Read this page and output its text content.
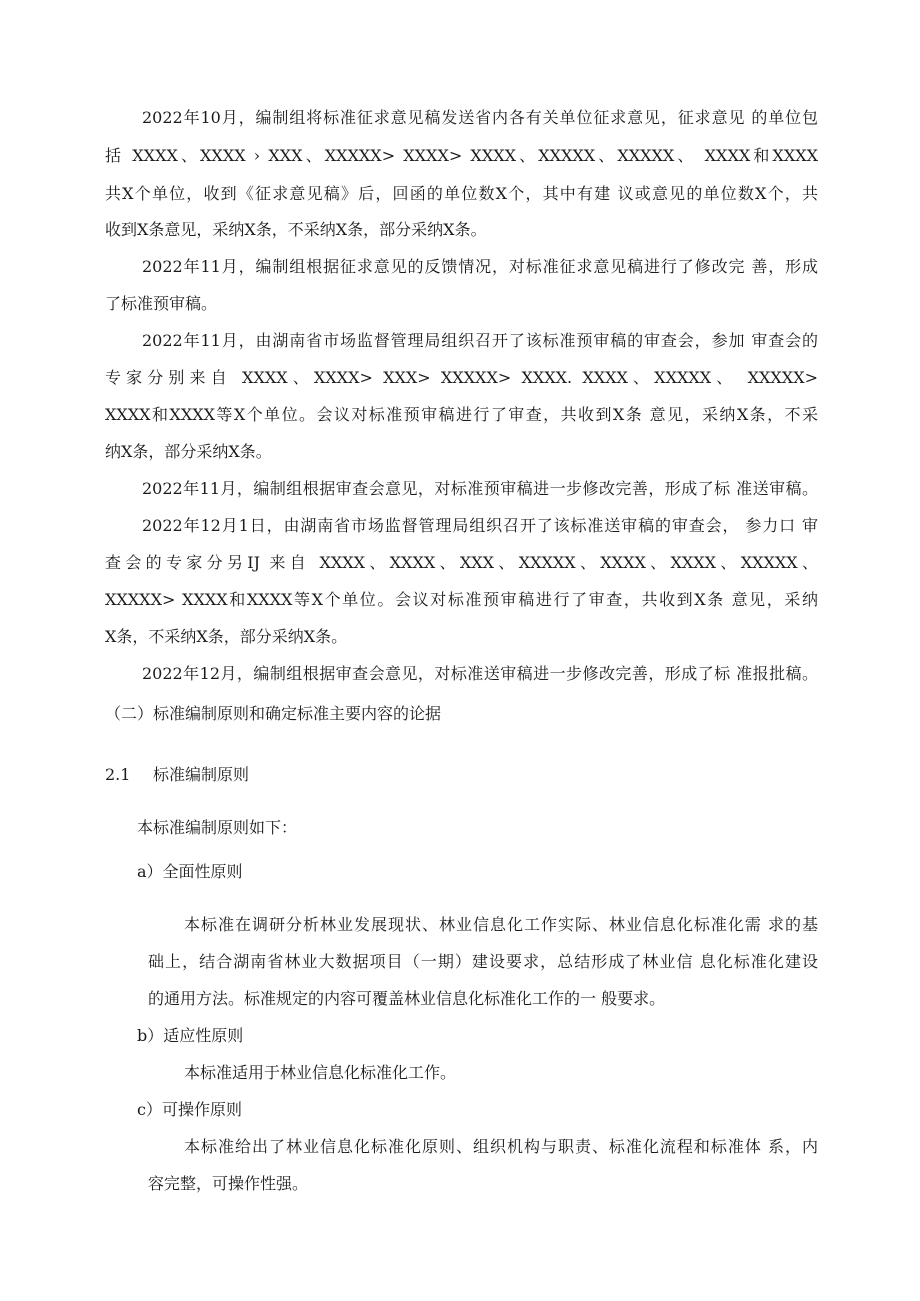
2022年10月，编制组将标准征求意见稿发送省内各有关单位征求意见，征求意见 的单位包

括 XXXX、XXXX › XXX、XXXXX> XXXX> XXXX、XXXXX、XXXXX、 XXXX和XXXX

共X个单位，收到《征求意见稿》后，回函的单位数X个，其中有建 议或意见的单位数X个，共

收到X条意见，采纳X条，不采纳X条，部分采纳X条。

2022年11月，编制组根据征求意见的反馈情况，对标准征求意见稿进行了修改完 善，形成

了标准预审稿。

2022年11月，由湖南省市场监督管理局组织召开了该标准预审稿的审查会，参加 审查会的

专家分别来自 XXXX、XXXX> XXX> XXXXX> XXXX. XXXX、XXXXX、 XXXXX>

XXXX和XXXX等X个单位。会议对标准预审稿进行了审查，共收到X条 意见，采纳X条，不采

纳X条，部分采纳X条。

2022年11月，编制组根据审查会意见，对标准预审稿进一步修改完善，形成了标 准送审稿。

2022年12月1日，由湖南省市场监督管理局组织召开了该标准送审稿的审查会， 参力口 审

查会的专家分另IJ 来自 XXXX、XXXX、XXX、XXXXX、XXXX、XXXX、XXXXX、

XXXXX> XXXX和XXXX等X个单位。会议对标准预审稿进行了审查，共收到X条 意见，采纳

X条，不采纳X条，部分采纳X条。

2022年12月，编制组根据审查会意见，对标准送审稿进一步修改完善，形成了标 准报批稿。

（二）标准编制原则和确定标准主要内容的论据

2.1 标准编制原则

本标准编制原则如下：

a）全面性原则

本标准在调研分析林业发展现状、林业信息化工作实际、林业信息化标准化需 求的基

础上，结合湖南省林业大数据项目（一期）建设要求，总结形成了林业信 息化标准化建设

的通用方法。标准规定的内容可覆盖林业信息化标准化工作的一 般要求。

b）适应性原则

本标准适用于林业信息化标准化工作。

c）可操作原则

本标准给出了林业信息化标准化原则、组织机构与职责、标准化流程和标准体 系，内

容完整，可操作性强。
